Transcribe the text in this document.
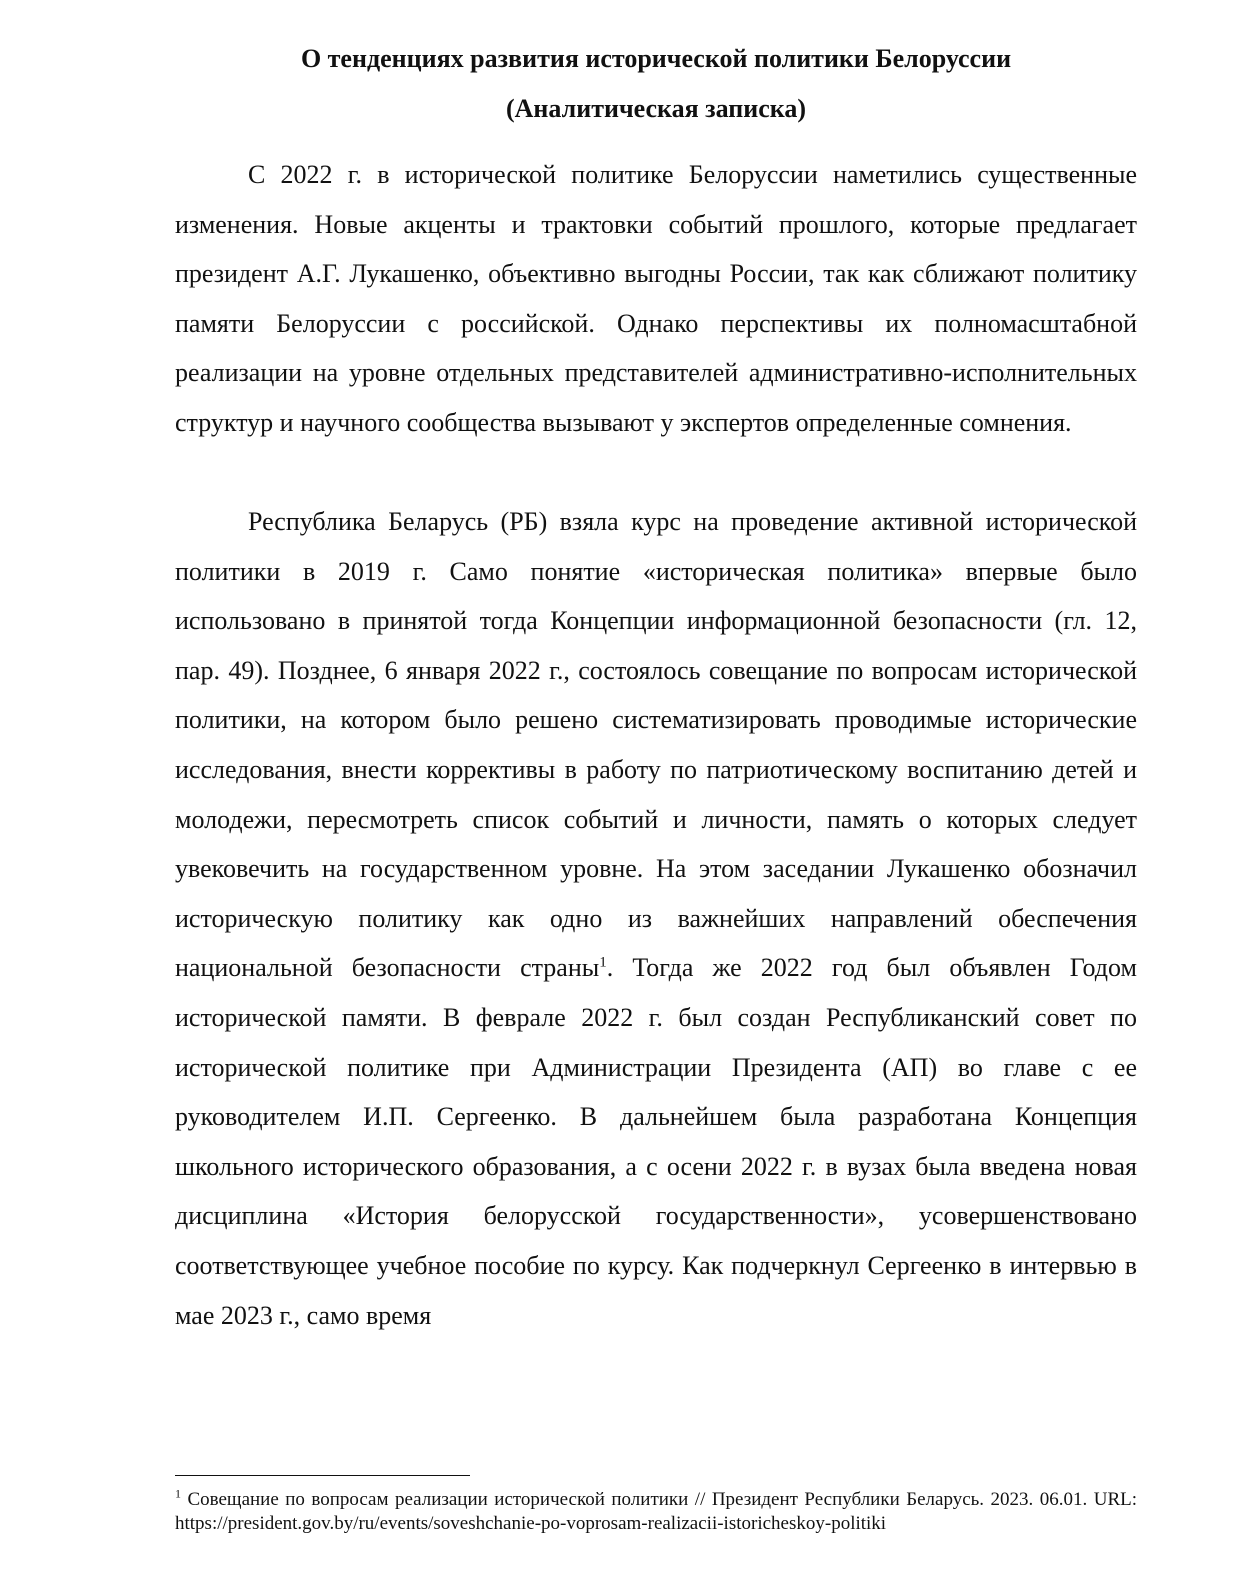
О тенденциях развития исторической политики Белоруссии

(Аналитическая записка)

С 2022 г. в исторической политике Белоруссии наметились существенные изменения. Новые акценты и трактовки событий прошлого, которые предлагает президент А.Г. Лукашенко, объективно выгодны России, так как сближают политику памяти Белоруссии с российской. Однако перспективы их полномасштабной реализации на уровне отдельных представителей административно-исполнительных структур и научного сообщества вызывают у экспертов определенные сомнения.

Республика Беларусь (РБ) взяла курс на проведение активной исторической политики в 2019 г. Само понятие «историческая политика» впервые было использовано в принятой тогда Концепции информационной безопасности (гл. 12, пар. 49). Позднее, 6 января 2022 г., состоялось совещание по вопросам исторической политики, на котором было решено систематизировать проводимые исторические исследования, внести коррективы в работу по патриотическому воспитанию детей и молодежи, пересмотреть список событий и личности, память о которых следует увековечить на государственном уровне. На этом заседании Лукашенко обозначил историческую политику как одно из важнейших направлений обеспечения национальной безопасности страны$^1$. Тогда же 2022 год был объявлен Годом исторической памяти. В феврале 2022 г. был создан Республиканский совет по исторической политике при Администрации Президента (АП) во главе с ее руководителем И.П. Сергеенко. В дальнейшем была разработана Концепция школьного исторического образования, а с осени 2022 г. в вузах была введена новая дисциплина «История белорусской государственности», усовершенствовано соответствующее учебное пособие по курсу. Как подчеркнул Сергеенко в интервью в мае 2023 г., само время

$^1$ Совещание по вопросам реализации исторической политики // Президент Республики Беларусь. 2023. 06.01. URL: https://president.gov.by/ru/events/soveshchanie-po-voprosam-realizacii-istoricheskoy-politiki
